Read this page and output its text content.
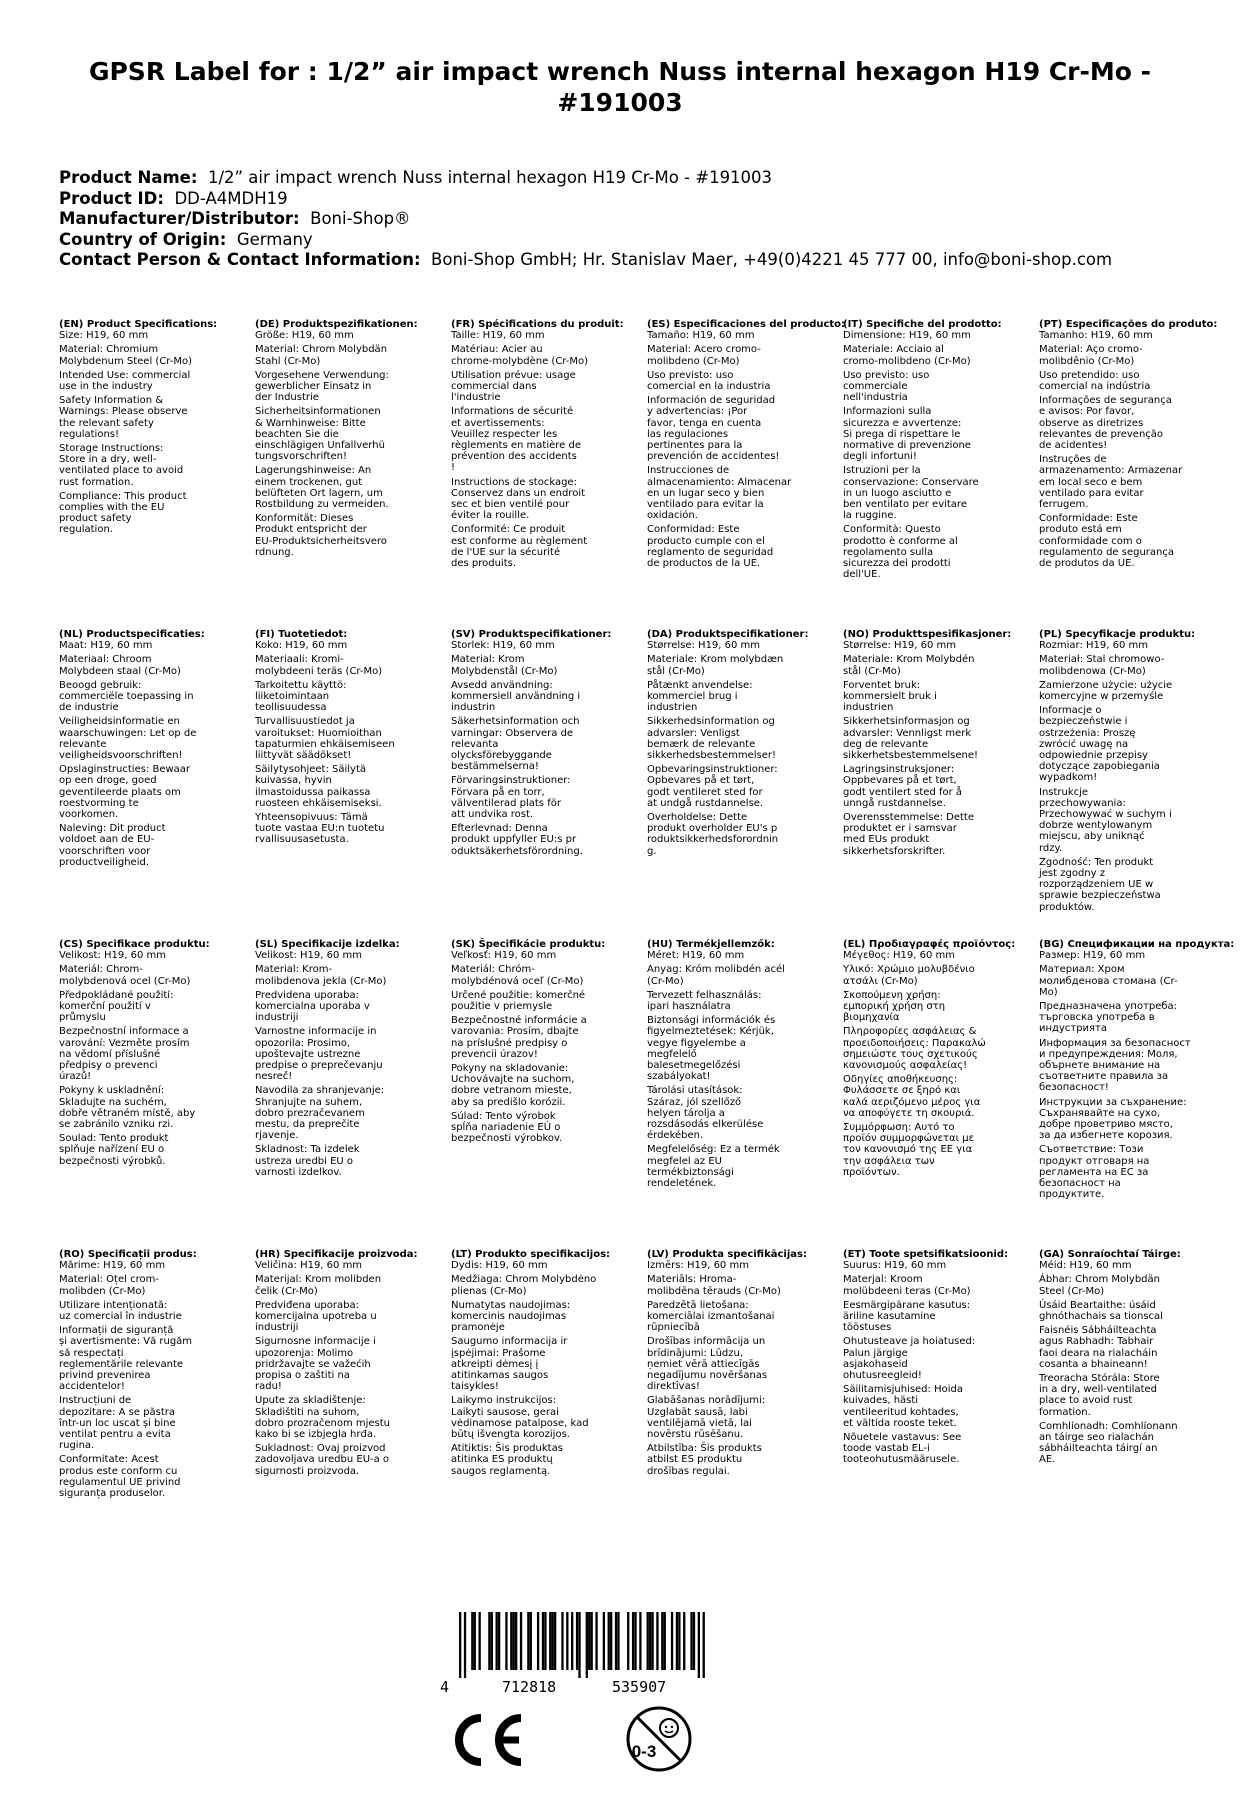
GPSR Label for : 1/2” air impact wrench Nuss internal hexagon H19 Cr-Mo - #191003
Product Name:  1/2” air impact wrench Nuss internal hexagon H19 Cr-Mo - #191003
Product ID:  DD-A4MDH19
Manufacturer/Distributor:  Boni-Shop®
Country of Origin:  Germany
Contact Person & Contact Information:  Boni-Shop GmbH; Hr. Stanislav Maer, +49(0)4221 45 777 00, info@boni-shop.com
(EN) Product Specifications:
Size: H19, 60 mm
Material: Chromium
Molybdenum Steel (Cr-Mo)
Intended Use: commercial
use in the industry
Safety Information &
Warnings: Please observe
the relevant safety
regulations!
Storage Instructions:
Store in a dry, well-
ventilated place to avoid
rust formation.
Compliance: This product
complies with the EU
product safety
regulation.
(DE) Produktspezifikationen:
Größe: H19, 60 mm
Material: Chrom Molybdän
Stahl (Cr-Mo)
Vorgesehene Verwendung:
gewerblicher Einsatz in
der Industrie
Sicherheitsinformationen
& Warnhinweise: Bitte
beachten Sie die
einschlägigen Unfallverhü
tungsvorschriften!
Lagerungshinweise: An
einem trockenen, gut
belüfteten Ort lagern, um
Rostbildung zu vermeiden.
Konformität: Dieses
Produkt entspricht der
EU-Produktsicherheitsvero
rdnung.
(FR) Spécifications du produit:
Taille: H19, 60 mm
Matériau: Acier au
chrome-molybdène (Cr-Mo)
Utilisation prévue: usage
commercial dans
l'industrie
Informations de sécurité
et avertissements:
Veuillez respecter les
règlements en matière de
prévention des accidents
!
Instructions de stockage:
Conservez dans un endroit
sec et bien ventilé pour
éviter la rouille.
Conformité: Ce produit
est conforme au règlement
de l'UE sur la sécurité
des produits.
(ES) Especificaciones del producto:
Tamaño: H19, 60 mm
Material: Acero cromo-
molibdeno (Cr-Mo)
Uso previsto: uso
comercial en la industria
Información de seguridad
y advertencias: ¡Por
favor, tenga en cuenta
las regulaciones
pertinentes para la
prevención de accidentes!
Instrucciones de
almacenamiento: Almacenar
en un lugar seco y bien
ventilado para evitar la
oxidación.
Conformidad: Este
producto cumple con el
reglamento de seguridad
de productos de la UE.
(IT) Specifiche del prodotto:
Dimensione: H19, 60 mm
Materiale: Acciaio al
cromo-molibdeno (Cr-Mo)
Uso previsto: uso
commerciale
nell'industria
Informazioni sulla
sicurezza e avvertenze:
Si prega di rispettare le
normative di prevenzione
degli infortuni!
Istruzioni per la
conservazione: Conservare
in un luogo asciutto e
ben ventilato per evitare
la ruggine.
Conformità: Questo
prodotto è conforme al
regolamento sulla
sicurezza dei prodotti
dell'UE.
(PT) Especificações do produto:
Tamanho: H19, 60 mm
Material: Aço cromo-
molibdênio (Cr-Mo)
Uso pretendido: uso
comercial na indústria
Informações de segurança
e avisos: Por favor,
observe as diretrizes
relevantes de prevenção
de acidentes!
Instruções de
armazenamento: Armazenar
em local seco e bem
ventilado para evitar
ferrugem.
Conformidade: Este
produto está em
conformidade com o
regulamento de segurança
de produtos da UE.
(NL) Productspecificaties:
Maat: H19, 60 mm
Materiaal: Chroom
Molybdeen staal (Cr-Mo)
Beoogd gebruik:
commerciële toepassing in
de industrie
Veiligheidsinformatie en
waarschuwingen: Let op de
relevante
veiligheidsvoorschriften!
Opslaginstructies: Bewaar
op een droge, goed
geventileerde plaats om
roestvorming te
voorkomen.
Naleving: Dit product
voldoet aan de EU-
voorschriften voor
productveiligheid.
(FI) Tuotetiedot:
Koko: H19, 60 mm
Materiaali: Kromi-
molybdeeni teräs (Cr-Mo)
Tarkoitettu käyttö:
liiketoimintaan
teollisuudessa
Turvallisuustiedot ja
varoitukset: Huomioithan
tapaturmien ehkäisemiseen
liittyvät säädökset!
Säilytysohjeet: Säilytä
kuivassa, hyvin
ilmastoidussa paikassa
ruosteen ehkäisemiseksi.
Yhteensopivuus: Tämä
tuote vastaa EU:n tuotetu
rvallisuusasetusta.
(SV) Produktspecifikationer:
Storlek: H19, 60 mm
Material: Krom
Molybdenstål (Cr-Mo)
Avsedd användning:
kommersiell användning i
industrin
Säkerhetsinformation och
varningar: Observera de
relevanta
olycksförebyggande
bestämmelserna!
Förvaringsinstruktioner:
Förvara på en torr,
välventilerad plats för
att undvika rost.
Efterlevnad: Denna
produkt uppfyller EU:s pr
oduktsäkerhetsförordning.
(DA) Produktspecifikationer:
Størrelse: H19, 60 mm
Materiale: Krom molybdæn
stål (Cr-Mo)
Påtænkt anvendelse:
kommerciel brug i
industrien
Sikkerhedsinformation og
advarsler: Venligst
bemærk de relevante
sikkerhedsbestemmelser!
Opbevaringsinstruktioner:
Opbevares på et tørt,
godt ventileret sted for
at undgå rustdannelse.
Overholdelse: Dette
produkt overholder EU's p
roduktsikkerhedsforordnin
g.
(NO) Produkttspesifikasjoner:
Størrelse: H19, 60 mm
Materiale: Krom Molybdén
stål (Cr-Mo)
Forventet bruk:
kommersielt bruk i
industrien
Sikkerhetsinformasjon og
advarsler: Vennligst merk
deg de relevante
sikkerhetsbestemmelsene!
Lagringsinstruksjoner:
Oppbevares på et tørt,
godt ventilert sted for å
unngå rustdannelse.
Overensstemmelse: Dette
produktet er i samsvar
med EUs produkt
sikkerhetsforskrifter.
(PL) Specyfikacje produktu:
Rozmiar: H19, 60 mm
Materiał: Stal chromowo-
molibdenowa (Cr-Mo)
Zamierzone użycie: użycie
komercyjne w przemyśle
Informacje o
bezpieczeństwie i
ostrzeżenia: Proszę
zwrócić uwagę na
odpowiednie przepisy
dotyczące zapobiegania
wypadkom!
Instrukcje
przechowywania:
Przechowywać w suchym i
dobrze wentylowanym
miejscu, aby uniknąć
rdzy.
Zgodność: Ten produkt
jest zgodny z
rozporządzeniem UE w
sprawie bezpieczeństwa
produktów.
(CS) Specifikace produktu:
Velikost: H19, 60 mm
Materiál: Chrom-
molybdenová ocel (Cr-Mo)
Předpokládané použití:
komerční použití v
průmyslu
Bezpečnostní informace a
varování: Vezměte prosím
na vědomí příslušné
předpisy o prevenci
úrazů!
Pokyny k uskladnění:
Skladujte na suchém,
dobře větraném místě, aby
se zabránilo vzniku rzi.
Soulad: Tento produkt
splňuje nařízení EU o
bezpečnosti výrobků.
(SL) Specifikacije izdelka:
Velikost: H19, 60 mm
Material: Krom-
molibdenova jekla (Cr-Mo)
Predvidena uporaba:
komercialna uporaba v
industriji
Varnostne informacije in
opozorila: Prosimo,
upoštevajte ustrezne
predpise o preprečevanju
nesreč!
Navodila za shranjevanje:
Shranjujte na suhem,
dobro prezračevanem
mestu, da preprečite
rjavenje.
Skladnost: Ta izdelek
ustreza uredbi EU o
varnosti izdelkov.
(SK) Špecifikácie produktu:
Veľkosť: H19, 60 mm
Materiál: Chróm-
molybdénová oceľ (Cr-Mo)
Určené použitie: komerčné
použitie v priemysle
Bezpečnostné informácie a
varovania: Prosím, dbajte
na príslušné predpisy o
prevencii úrazov!
Pokyny na skladovanie:
Uchovávajte na suchom,
dobre vetranom mieste,
aby sa predišlo korózii.
Súlad: Tento výrobok
spĺňa nariadenie EÚ o
bezpečnosti výrobkov.
(HU) Termékjellemzők:
Méret: H19, 60 mm
Anyag: Króm molibdén acél
(Cr-Mo)
Tervezett felhasználás:
ipari használatra
Biztonsági információk és
figyelmeztetések: Kérjük,
vegye figyelembe a
megfelelő
balesetmegelőzési
szabályokat!
Tárolási utasítások:
Száraz, jól szellőző
helyen tárolja a
rozsdásodás elkerülése
érdekében.
Megfelelőség: Ez a termék
megfelel az EU
termékbiztonsági
rendeletének.
(EL) Προδιαγραφές προϊόντος:
Μέγεθος: H19, 60 mm
Υλικό: Χρώμιο μολυβδένιο
ατσάλι (Cr-Mo)
Σκοπούμενη χρήση:
εμπορική χρήση στη
βιομηχανία
Πληροφορίες ασφάλειας &
προειδοποιήσεις: Παρακαλώ
σημειώστε τους σχετικούς
κανονισμούς ασφαλείας!
Οδηγίες αποθήκευσης:
Φυλάσσετε σε ξηρό και
καλά αεριζόμενο μέρος για
να αποφύγετε τη σκουριά.
Συμμόρφωση: Αυτό το
προϊόν συμμορφώνεται με
τον κανονισμό της ΕΕ για
την ασφάλεια των
προϊόντων.
(BG) Спецификации на продукта:
Размер: H19, 60 mm
Материал: Хром
молибденова стомана (Cr-
Mo)
Предназначена употреба:
търговска употреба в
индустрията
Информация за безопасност
и предупреждения: Моля,
обърнете внимание на
съответните правила за
безопасност!
Инструкции за съхранение:
Съхранявайте на сухо,
добре проветриво място,
за да избегнете корозия.
Съответствие: Този
продукт отговаря на
регламента на ЕС за
безопасност на
продуктите.
(RO) Specificații produs:
Mărime: H19, 60 mm
Material: Oțel crom-
molibden (Cr-Mo)
Utilizare intenționată:
uz comercial în industrie
Informații de siguranță
și avertismente: Vă rugăm
să respectați
reglementările relevante
privind prevenirea
accidentelor!
Instrucțiuni de
depozitare: A se păstra
într-un loc uscat și bine
ventilat pentru a evita
rugina.
Conformitate: Acest
produs este conform cu
regulamentul UE privind
siguranța produselor.
(HR) Specifikacije proizvoda:
Veličina: H19, 60 mm
Materijal: Krom molibden
čelik (Cr-Mo)
Predviđena uporaba:
komercijalna upotreba u
industriji
Sigurnosne informacije i
upozorenja: Molimo
pridržavajte se važećih
propisa o zaštiti na
radu!
Upute za skladištenje:
Skladištiti na suhom,
dobro prozračenom mjestu
kako bi se izbjegla hrđa.
Sukladnost: Ovaj proizvod
zadovoljava uredbu EU-a o
sigurnosti proizvoda.
(LT) Produkto specifikacijos:
Dydis: H19, 60 mm
Medžiaga: Chrom Molybdėno
plienas (Cr-Mo)
Numatytas naudojimas:
komercinis naudojimas
pramonėje
Saugumo informacija ir
įspėjimai: Prašome
atkreipti dėmesį į
atitinkamas saugos
taisykles!
Laikymo instrukcijos:
Laikyti sausose, gerai
vėdinamose patalpose, kad
būtų išvengta korozijos.
Atitiktis: Šis produktas
atitinka ES produktų
saugos reglamentą.
(LV) Produkta specifikācijas:
Izmērs: H19, 60 mm
Materiāls: Hroma-
molibdēna tērauds (Cr-Mo)
Paredzētā lietošana:
komerciālai izmantošanai
rūpniecībā
Drošības informācija un
brīdinājumi: Lūdzu,
ņemiet vērā attiecīgās
negadījumu novēršanas
direktīvas!
Glabāšanas norādījumi:
Uzglabāt sausā, labi
ventilējamā vietā, lai
novērstu rūsēšanu.
Atbilstība: Šis produkts
atbilst ES produktu
drošības regulai.
(ET) Toote spetsifikatsioonid:
Suurus: H19, 60 mm
Materjal: Kroom
molübdeeni teras (Cr-Mo)
Eesmärgipärane kasutus:
äriline kasutamine
tööstuses
Ohutusteave ja hoiatused:
Palun järgige
asjakohaseid
ohutusreegleid!
Säilitamisjuhised: Hoida
kuivades, hästi
ventileeritud kohtades,
et vältida rooste teket.
Nõuetele vastavus: See
toode vastab EL-i
tooteohutusmäärusele.
(GA) Sonraíochtaí Táirge:
Méid: H19, 60 mm
Ábhar: Chrom Molybdän
Steel (Cr-Mo)
Úsáid Beartaithe: úsáid
ghnóthachais sa tionscal
Faisnéis Sábháilteachta
agus Rabhadh: Tabhair
faoi deara na rialacháin
cosanta a bhaineann!
Treoracha Stórála: Store
in a dry, well-ventilated
place to avoid rust
formation.
Comhlíonadh: Comhlíonann
an táirge seo rialachán
sábháilteachta táirgí an
AE.
4	712818	535907
0-3
